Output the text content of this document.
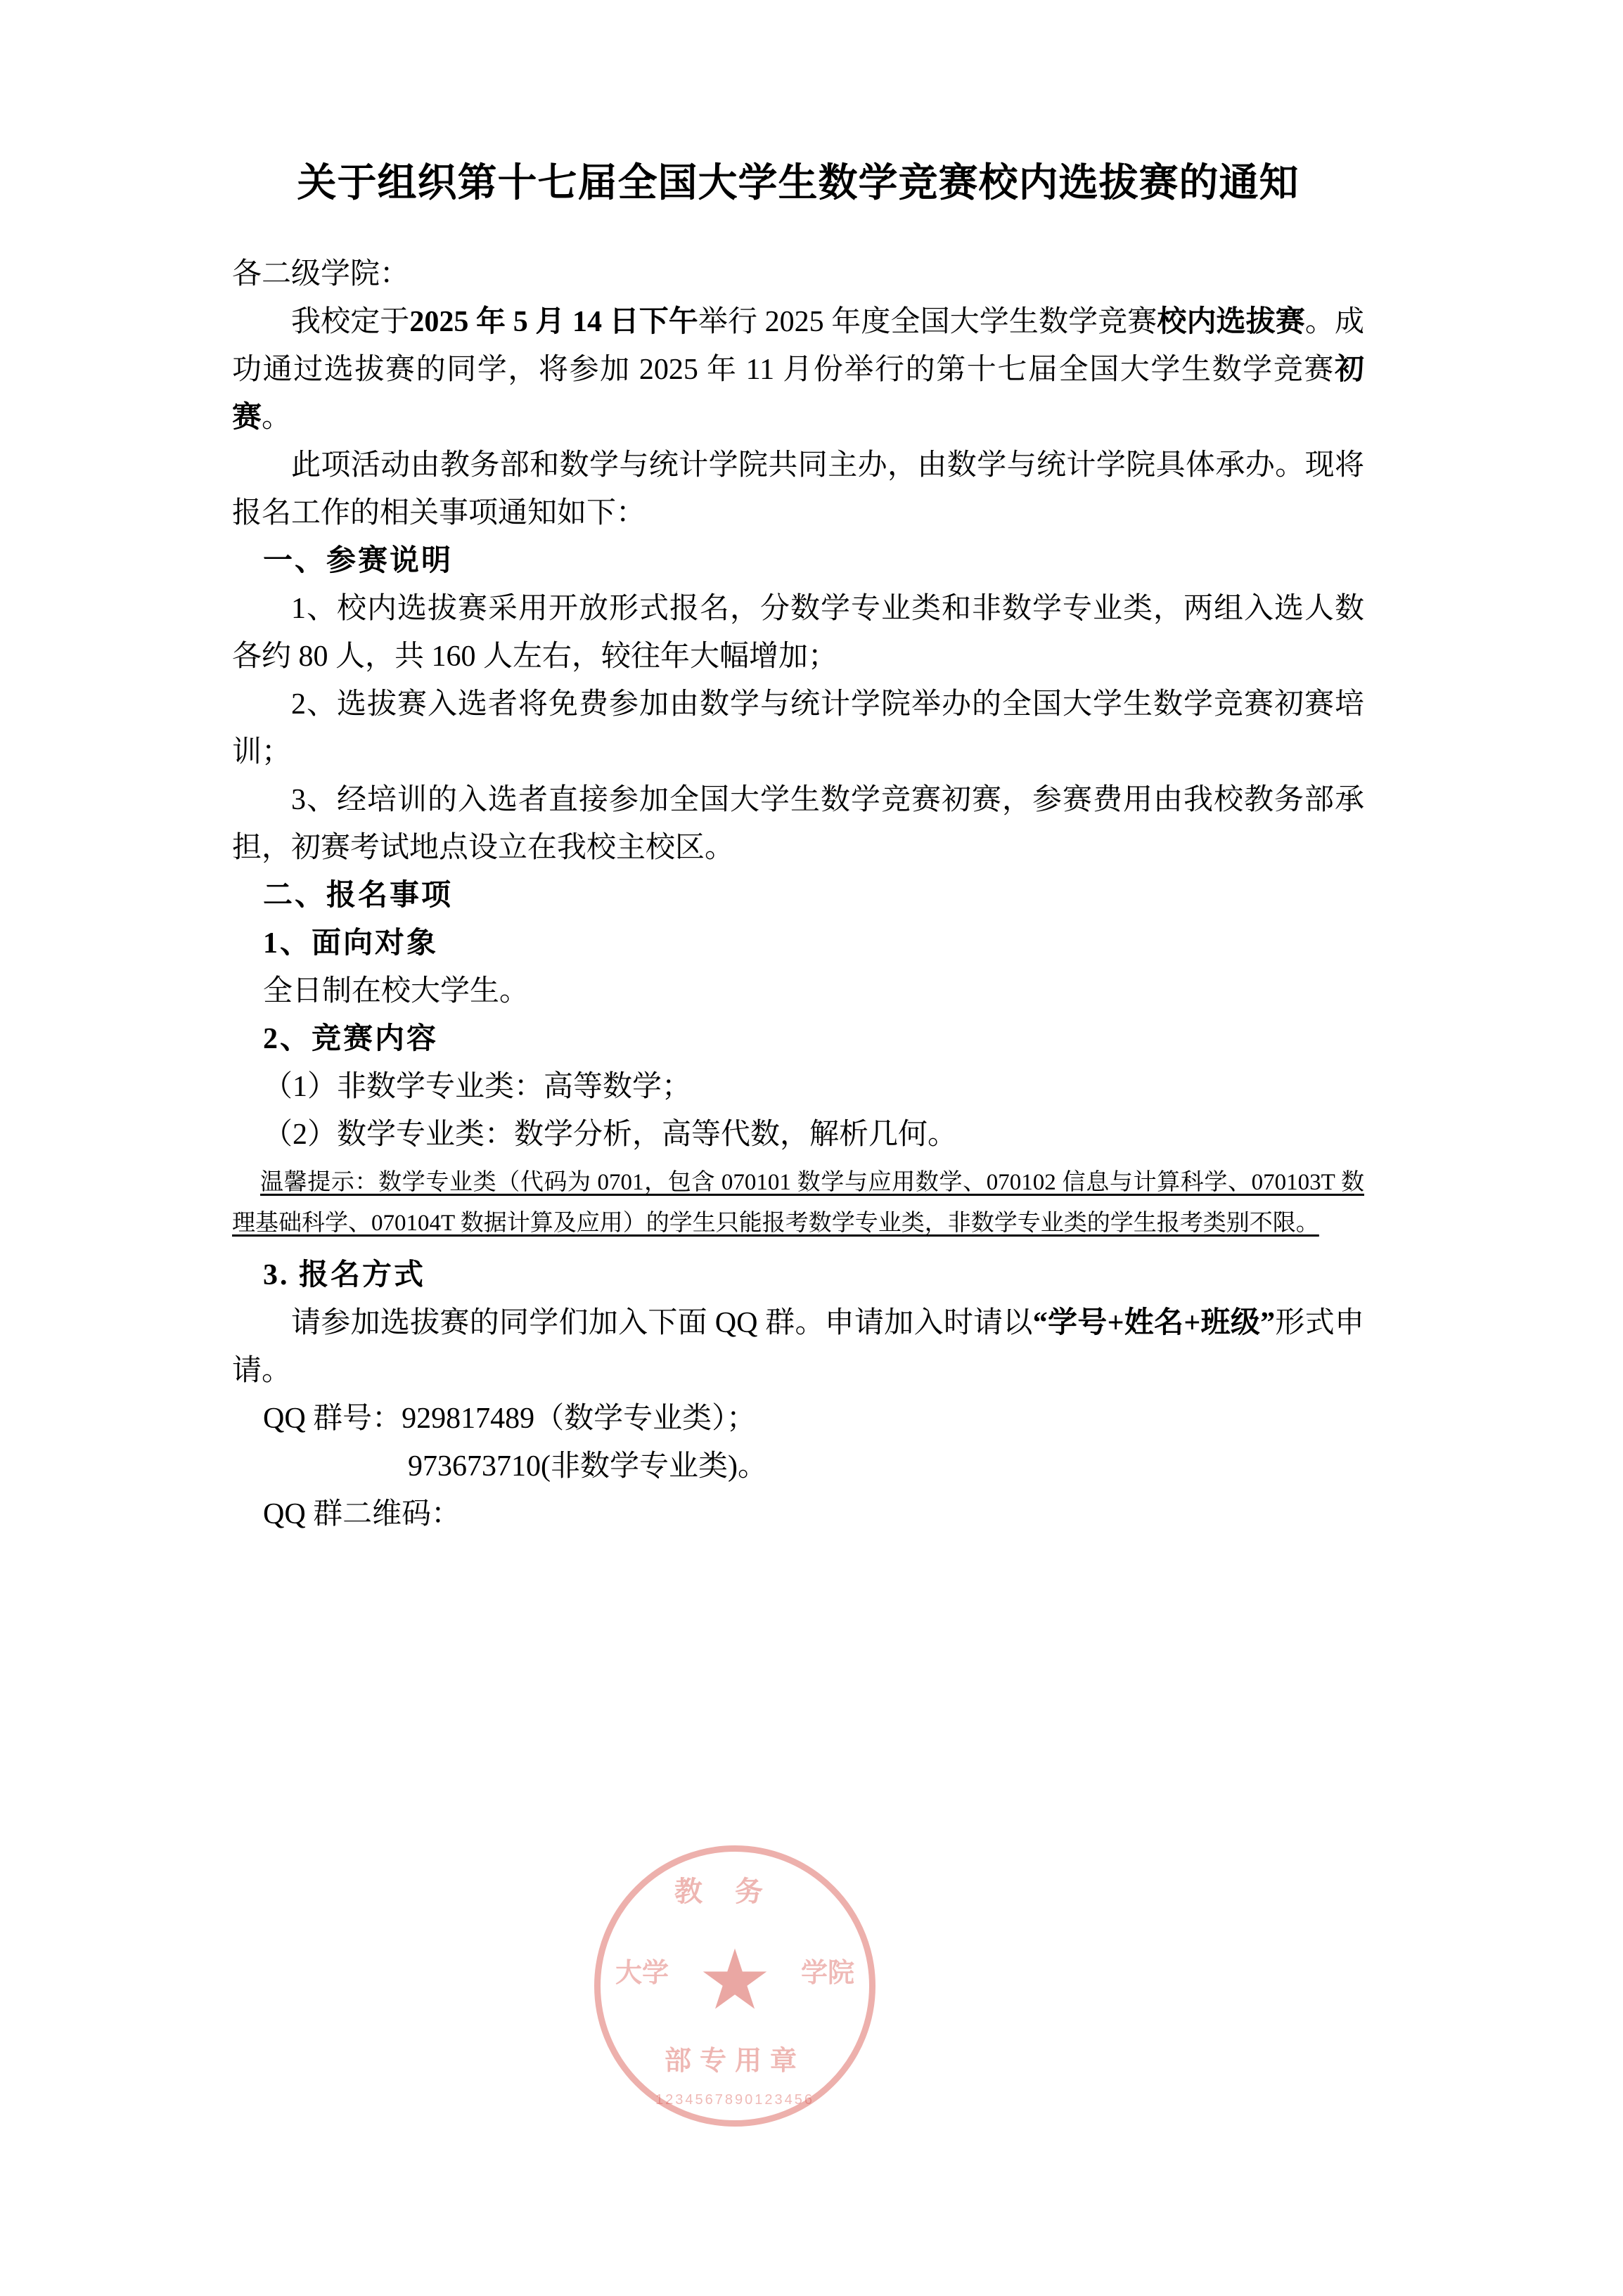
关于组织第十七届全国大学生数学竞赛校内选拔赛的通知

各二级学院：

我校定于2025 年 5 月 14 日下午举行 2025 年度全国大学生数学竞赛校内选拔赛。成功通过选拔赛的同学，将参加 2025 年 11 月份举行的第十七届全国大学生数学竞赛初赛。

此项活动由教务部和数学与统计学院共同主办，由数学与统计学院具体承办。现将报名工作的相关事项通知如下：

一、参赛说明

1、校内选拔赛采用开放形式报名，分数学专业类和非数学专业类，两组入选人数各约 80 人，共 160 人左右，较往年大幅增加；

2、选拔赛入选者将免费参加由数学与统计学院举办的全国大学生数学竞赛初赛培训；

3、经培训的入选者直接参加全国大学生数学竞赛初赛，参赛费用由我校教务部承担，初赛考试地点设立在我校主校区。

二、报名事项

1、面向对象

全日制在校大学生。

2、竞赛内容

（1）非数学专业类：高等数学；

（2）数学专业类：数学分析，高等代数，解析几何。

温馨提示：数学专业类（代码为 0701，包含 070101 数学与应用数学、070102 信息与计算科学、070103T 数理基础科学、070104T 数据计算及应用）的学生只能报考数学专业类，非数学专业类的学生报考类别不限。

3. 报名方式

请参加选拔赛的同学们加入下面 QQ 群。申请加入时请以“学号+姓名+班级”形式申请。

QQ 群号：929817489（数学专业类）；

973673710(非数学专业类)。

QQ 群二维码：

教务
大学	学院
★
部专用章
1234567890123456
